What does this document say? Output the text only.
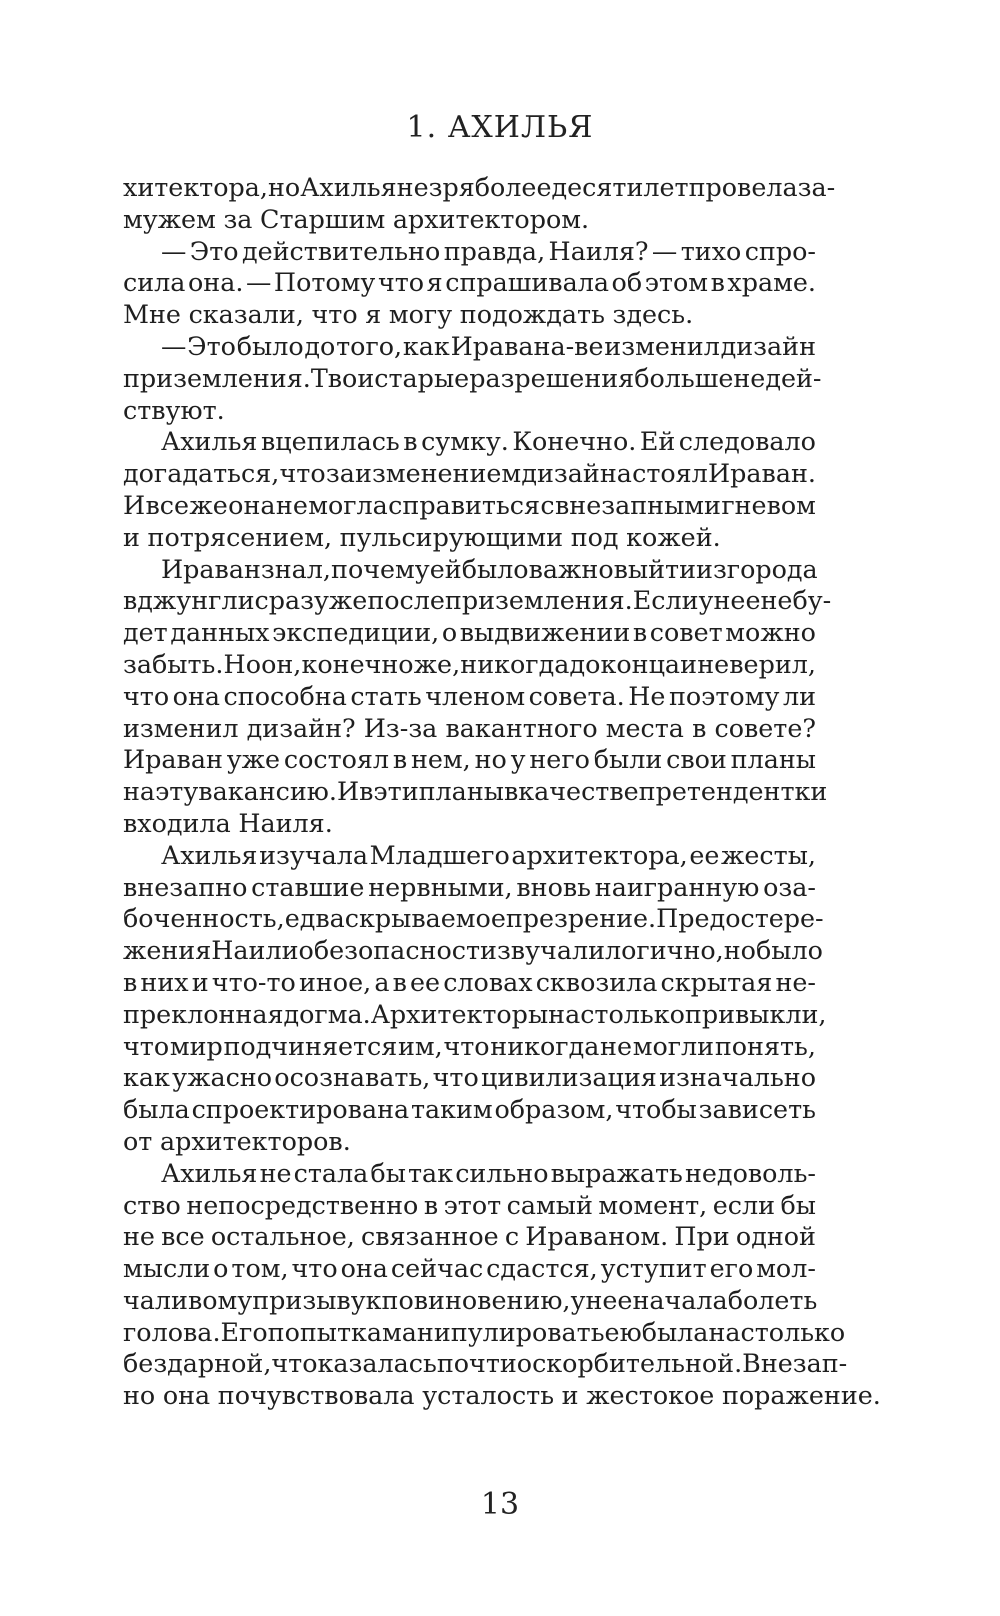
1. АХИЛЬЯ
хитектора, но Ахилья не зря более десяти лет провела за-
мужем за Старшим архитектором.
— Это действительно правда, Наиля? — тихо спро-
сила она. — Потому что я спрашивала об этом в храме.
Мне сказали, что я могу подождать здесь.
— Это было до того, как Иравана-ве изменил дизайн
приземления. Твои старые разрешения больше не дей-
ствуют.
Ахилья вцепилась в сумку. Конечно. Ей следовало
догадаться, что за изменением дизайна стоял Ираван.
И все же она не могла справиться с внезапными гневом
и потрясением, пульсирующими под кожей.
Ираван знал, почему ей было важно выйти из города
в джунгли сразу же после приземления. Если у нее не бу-
дет данных экспедиции, о выдвижении в совет можно
забыть. Но он, конечно же, никогда до конца и не верил,
что она способна стать членом совета. Не поэтому ли
изменил дизайн? Из-за вакантного места в совете?
Ираван уже состоял в нем, но у него были свои планы
на эту вакансию. И в эти планы в качестве претендентки
входила Наиля.
Ахилья изучала Младшего архитектора, ее жесты,
внезапно ставшие нервными, вновь наигранную оза-
боченность, едва скрываемое презрение. Предостере-
жения Наили о безопасности звучали логично, но было
в них и что-то иное, а в ее словах сквозила скрытая не-
преклонная догма. Архитекторы настолько привыкли,
что мир подчиняется им, что никогда не могли понять,
как ужасно осознавать, что цивилизация изначально
была спроектирована таким образом, чтобы зависеть
от архитекторов.
Ахилья не стала бы так сильно выражать недоволь-
ство непосредственно в этот самый момент, если бы
не все остальное, связанное с Ираваном. При одной
мысли о том, что она сейчас сдастся, уступит его мол-
чаливому призыву к повиновению, у нее начала болеть
голова. Его попытка манипулировать ею была настолько
бездарной, что казалась почти оскорбительной. Внезап-
но она почувствовала усталость и жестокое поражение.
13
